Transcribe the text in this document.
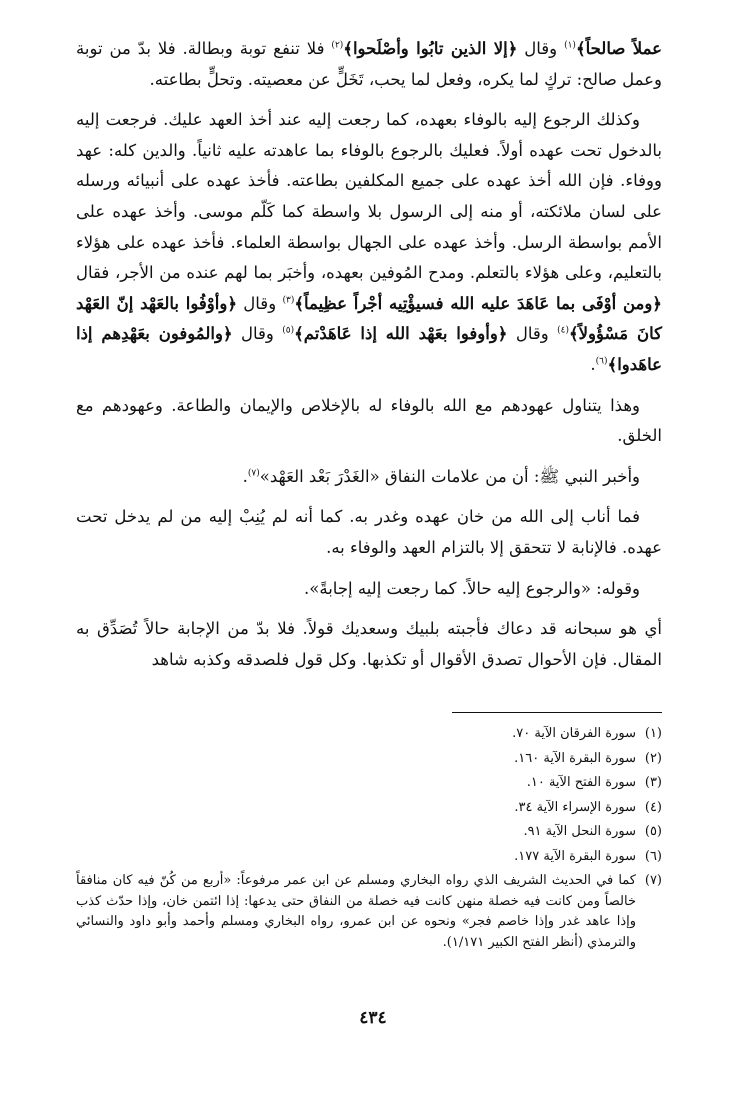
عملاً صالحاً﴾$^{(١)}$ وقال ﴿إلا الذين تابُوا وأصْلَحوا﴾$^{(٢)}$ فلا تنفع توبة وبطالة. فلا بدّ من توبة وعمل صالح: تركٍ لما يكره، وفعل لما يحب، تَخَلٍّ عن معصيته. وتحلٍّ بطاعته.

وكذلك الرجوع إليه بالوفاء بعهده، كما رجعت إليه عند أخذ العهد عليك. فرجعت إليه بالدخول تحت عهده أولاً. فعليك بالرجوع بالوفاء بما عاهدته عليه ثانياً. والدين كله: عهد ووفاء. فإن الله أخذ عهده على جميع المكلفين بطاعته. فأخذ عهده على أنبيائه ورسله على لسان ملائكته، أو منه إلى الرسول بلا واسطة كما كَلّم موسى. وأخذ عهده على الأمم بواسطة الرسل. وأخذ عهده على الجهال بواسطة العلماء. فأخذ عهده على هؤلاء بالتعليم، وعلى هؤلاء بالتعلم. ومدح المُوفين بعهده، وأخبَر بما لهم عنده من الأجر، فقال ﴿ومن أوْفَى بما عَاهَدَ عليه الله فسيؤْتِيه أجْراً عظِيماً﴾$^{(٣)}$ وقال ﴿وأوْفُوا بالعَهْد إنّ العَهْد كانَ مَسْؤُولاً﴾$^{(٤)}$ وقال ﴿وأوفوا بعَهْد الله إذا عَاهَدْتم﴾$^{(٥)}$ وقال ﴿والمُوفون بعَهْدِهم إذا عاهَدوا﴾$^{(٦)}$.

وهذا يتناول عهودهم مع الله بالوفاء له بالإخلاص والإيمان والطاعة. وعهودهم مع الخلق.

وأخبر النبي ﷺ: أن من علامات النفاق «الغَدْرَ بَعْد العَهْد»$^{(٧)}$.

فما أناب إلى الله من خان عهده وغدر به. كما أنه لم يُنِبْ إليه من لم يدخل تحت عهده. فالإنابة لا تتحقق إلا بالتزام العهد والوفاء به.

وقوله: «والرجوع إليه حالاً. كما رجعت إليه إجابةً».

أي هو سبحانه قد دعاك فأجبته بلبيك وسعديك قولاً. فلا بدّ من الإجابة حالاً تُصَدِّق به المقال. فإن الأحوال تصدق الأقوال أو تكذبها. وكل قول فلصدقه وكذبه شاهد

(١)
سورة الفرقان الآية ٧٠.
(٢)
سورة البقرة الآية ١٦٠.
(٣)
سورة الفتح الآية ١٠.
(٤)
سورة الإسراء الآية ٣٤.
(٥)
سورة النحل الآية ٩١.
(٦)
سورة البقرة الآية ١٧٧.
(٧)
كما في الحديث الشريف الذي رواه البخاري ومسلم عن ابن عمر مرفوعاً: «أربع من كُنّ فيه كان منافقاً خالصاً ومن كانت فيه خصلة منهن كانت فيه خصلة من النفاق حتى يدعها: إذا ائتمن خان، وإذا حدّث كذب وإذا عاهد غدر وإذا خاصم فجر» ونحوه عن ابن عمرو، رواه البخاري ومسلم وأحمد وأبو داود والنسائي والترمذي (أنظر الفتح الكبير ١/١٧١).
٤٣٤
